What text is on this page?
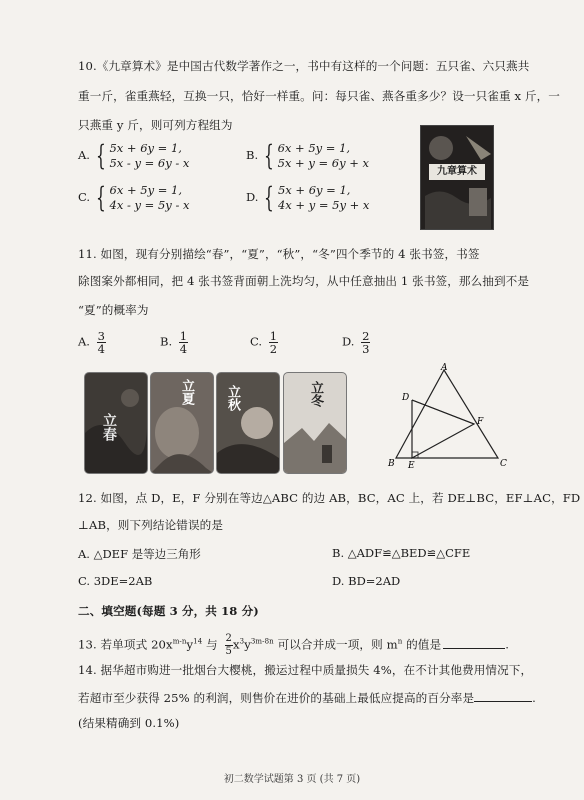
10.《九章算术》是中国古代数学著作之一，书中有这样的一个问题：五只雀、六只燕共
重一斤，雀重燕轻，互换一只，恰好一样重。问：每只雀、燕各重多少？设一只雀重 x 斤，一
只燕重 y 斤，则可列方程组为
A. { 5x + 6y = 1,
5x - y = 6y - x
B. { 6x + 5y = 1,
5x + y = 6y + x
C. { 6x + 5y = 1,
4x - y = 5y - x
D. { 5x + 6y = 1,
4x + y = 5y + x
九章算术
11. 如图，现有分别描绘“春”，“夏”，“秋”，“冬”四个季节的 4 张书签，书签
除图案外都相同，把 4 张书签背面朝上洗均匀，从中任意抽出 1 张书签，那么抽到不是
“夏”的概率为
A. $\frac{3}{4}$	B. $\frac{1}{4}$	C. $\frac{1}{2}$	D. $\frac{2}{3}$
立春
立夏 立秋	立冬
A
B	C
D
E
F
12. 如图，点 D，E，F 分别在等边△ABC 的边 AB，BC，AC 上，若 DE⊥BC，EF⊥AC，FD
⊥AB，则下列结论错误的是
A. △DEF 是等边三角形	B. △ADF≌△BED≌△CFE
C. 3DE=2AB	D. BD=2AD
二、填空题(每题 3 分，共 18 分)
13. 若单项式 $20x^{m-n}y^{14}$ 与 $\frac{2}{5} x^3y^{3m-8n}$ 可以合并成一项，则 $m^n$ 的值是	.
14. 据华超市购进一批烟台大樱桃，搬运过程中质量损失 4%，在不计其他费用情况下，
若超市至少获得 25% 的利润，则售价在进价的基础上最低应提高的百分率是	.
(结果精确到 0.1%)
初二数学试题第 3 页 (共 7 页)
